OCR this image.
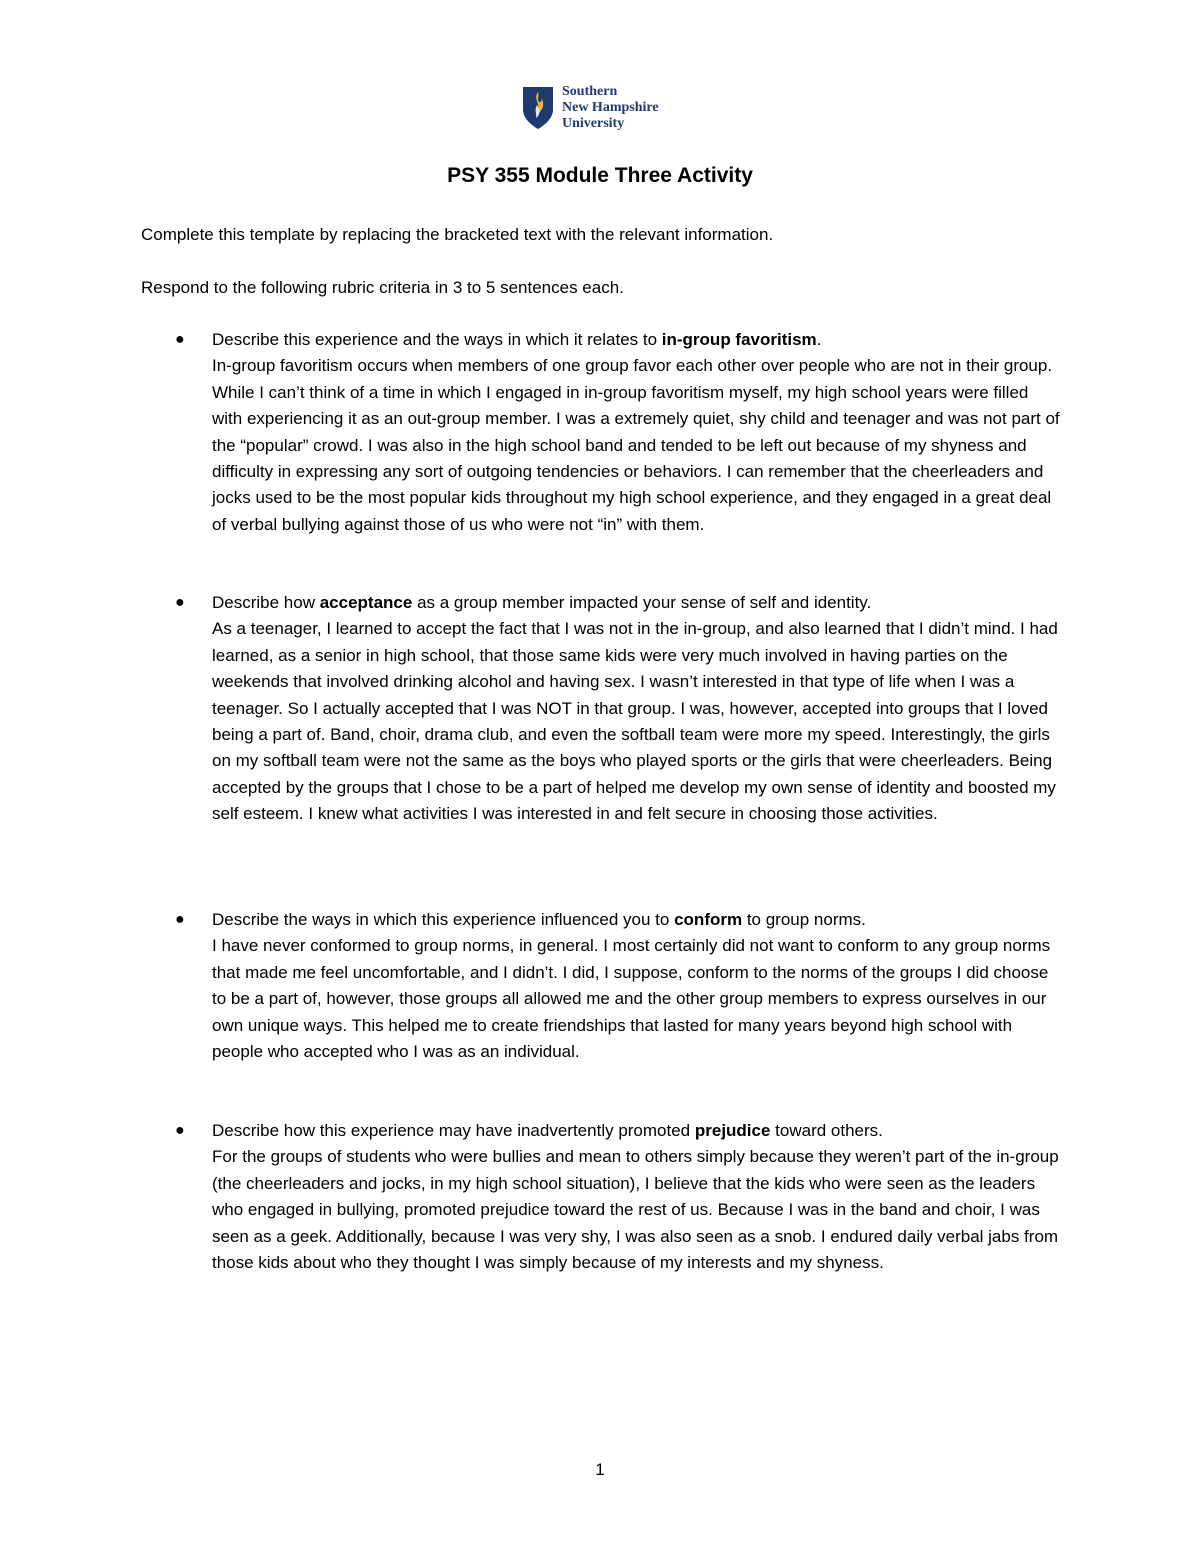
Southern
New Hampshire
University
PSY 355 Module Three Activity
Complete this template by replacing the bracketed text with the relevant information.
Respond to the following rubric criteria in 3 to 5 sentences each.
● Describe this experience and the ways in which it relates to in-group favoritism.
In-group favoritism occurs when members of one group favor each other over people who are not in their group. While I can’t think of a time in which I engaged in in-group favoritism myself, my high school years were filled with experiencing it as an out-group member. I was a extremely quiet, shy child and teenager and was not part of the “popular” crowd. I was also in the high school band and tended to be left out because of my shyness and difficulty in expressing any sort of outgoing tendencies or behaviors. I can remember that the cheerleaders and jocks used to be the most popular kids throughout my high school experience, and they engaged in a great deal of verbal bullying against those of us who were not “in” with them.
● Describe how acceptance as a group member impacted your sense of self and identity.
As a teenager, I learned to accept the fact that I was not in the in-group, and also learned that I didn’t mind. I had learned, as a senior in high school, that those same kids were very much involved in having parties on the weekends that involved drinking alcohol and having sex. I wasn’t interested in that type of life when I was a teenager. So I actually accepted that I was NOT in that group. I was, however, accepted into groups that I loved being a part of. Band, choir, drama club, and even the softball team were more my speed. Interestingly, the girls on my softball team were not the same as the boys who played sports or the girls that were cheerleaders. Being accepted by the groups that I chose to be a part of helped me develop my own sense of identity and boosted my self esteem. I knew what activities I was interested in and felt secure in choosing those activities.
● Describe the ways in which this experience influenced you to conform to group norms.
I have never conformed to group norms, in general. I most certainly did not want to conform to any group norms that made me feel uncomfortable, and I didn’t. I did, I suppose, conform to the norms of the groups I did choose to be a part of, however, those groups all allowed me and the other group members to express ourselves in our own unique ways. This helped me to create friendships that lasted for many years beyond high school with people who accepted who I was as an individual.
● Describe how this experience may have inadvertently promoted prejudice toward others.
For the groups of students who were bullies and mean to others simply because they weren’t part of the in-group (the cheerleaders and jocks, in my high school situation), I believe that the kids who were seen as the leaders who engaged in bullying, promoted prejudice toward the rest of us. Because I was in the band and choir, I was seen as a geek. Additionally, because I was very shy, I was also seen as a snob. I endured daily verbal jabs from those kids about who they thought I was simply because of my interests and my shyness.
1
